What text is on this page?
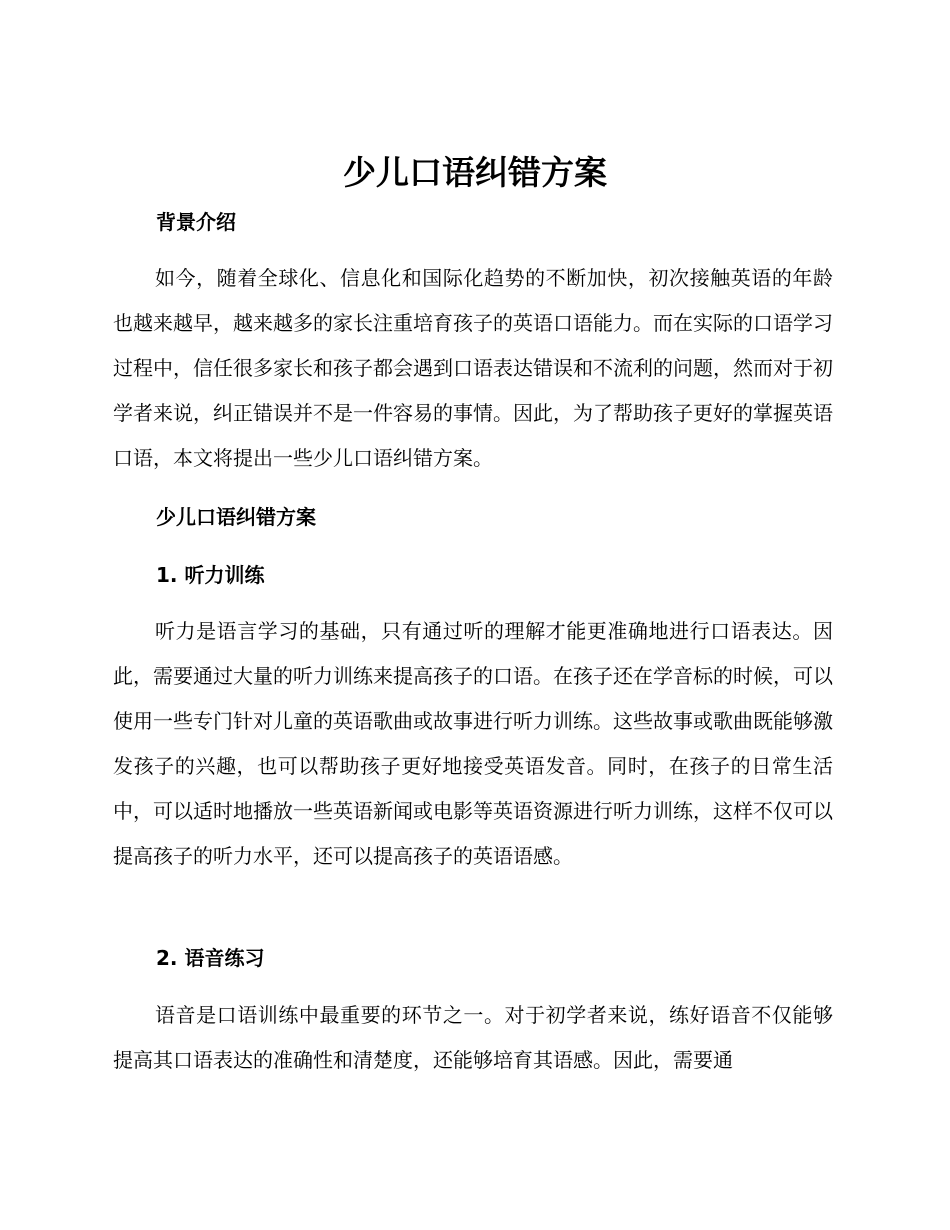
少儿口语纠错方案
背景介绍

如今，随着全球化、信息化和国际化趋势的不断加快，初次接触英语的年龄也越来越早，越来越多的家长注重培育孩子的英语口语能力。而在实际的口语学习过程中，信任很多家长和孩子都会遇到口语表达错误和不流利的问题，然而对于初学者来说，纠正错误并不是一件容易的事情。因此，为了帮助孩子更好的掌握英语口语，本文将提出一些少儿口语纠错方案。

少儿口语纠错方案
1. 听力训练

听力是语言学习的基础，只有通过听的理解才能更准确地进行口语表达。因此，需要通过大量的听力训练来提高孩子的口语。在孩子还在学音标的时候，可以使用一些专门针对儿童的英语歌曲或故事进行听力训练。这些故事或歌曲既能够激发孩子的兴趣，也可以帮助孩子更好地接受英语发音。同时，在孩子的日常生活中，可以适时地播放一些英语新闻或电影等英语资源进行听力训练，这样不仅可以提高孩子的听力水平，还可以提高孩子的英语语感。

2. 语音练习

语音是口语训练中最重要的环节之一。对于初学者来说，练好语音不仅能够提高其口语表达的准确性和清楚度，还能够培育其语感。因此，需要通
